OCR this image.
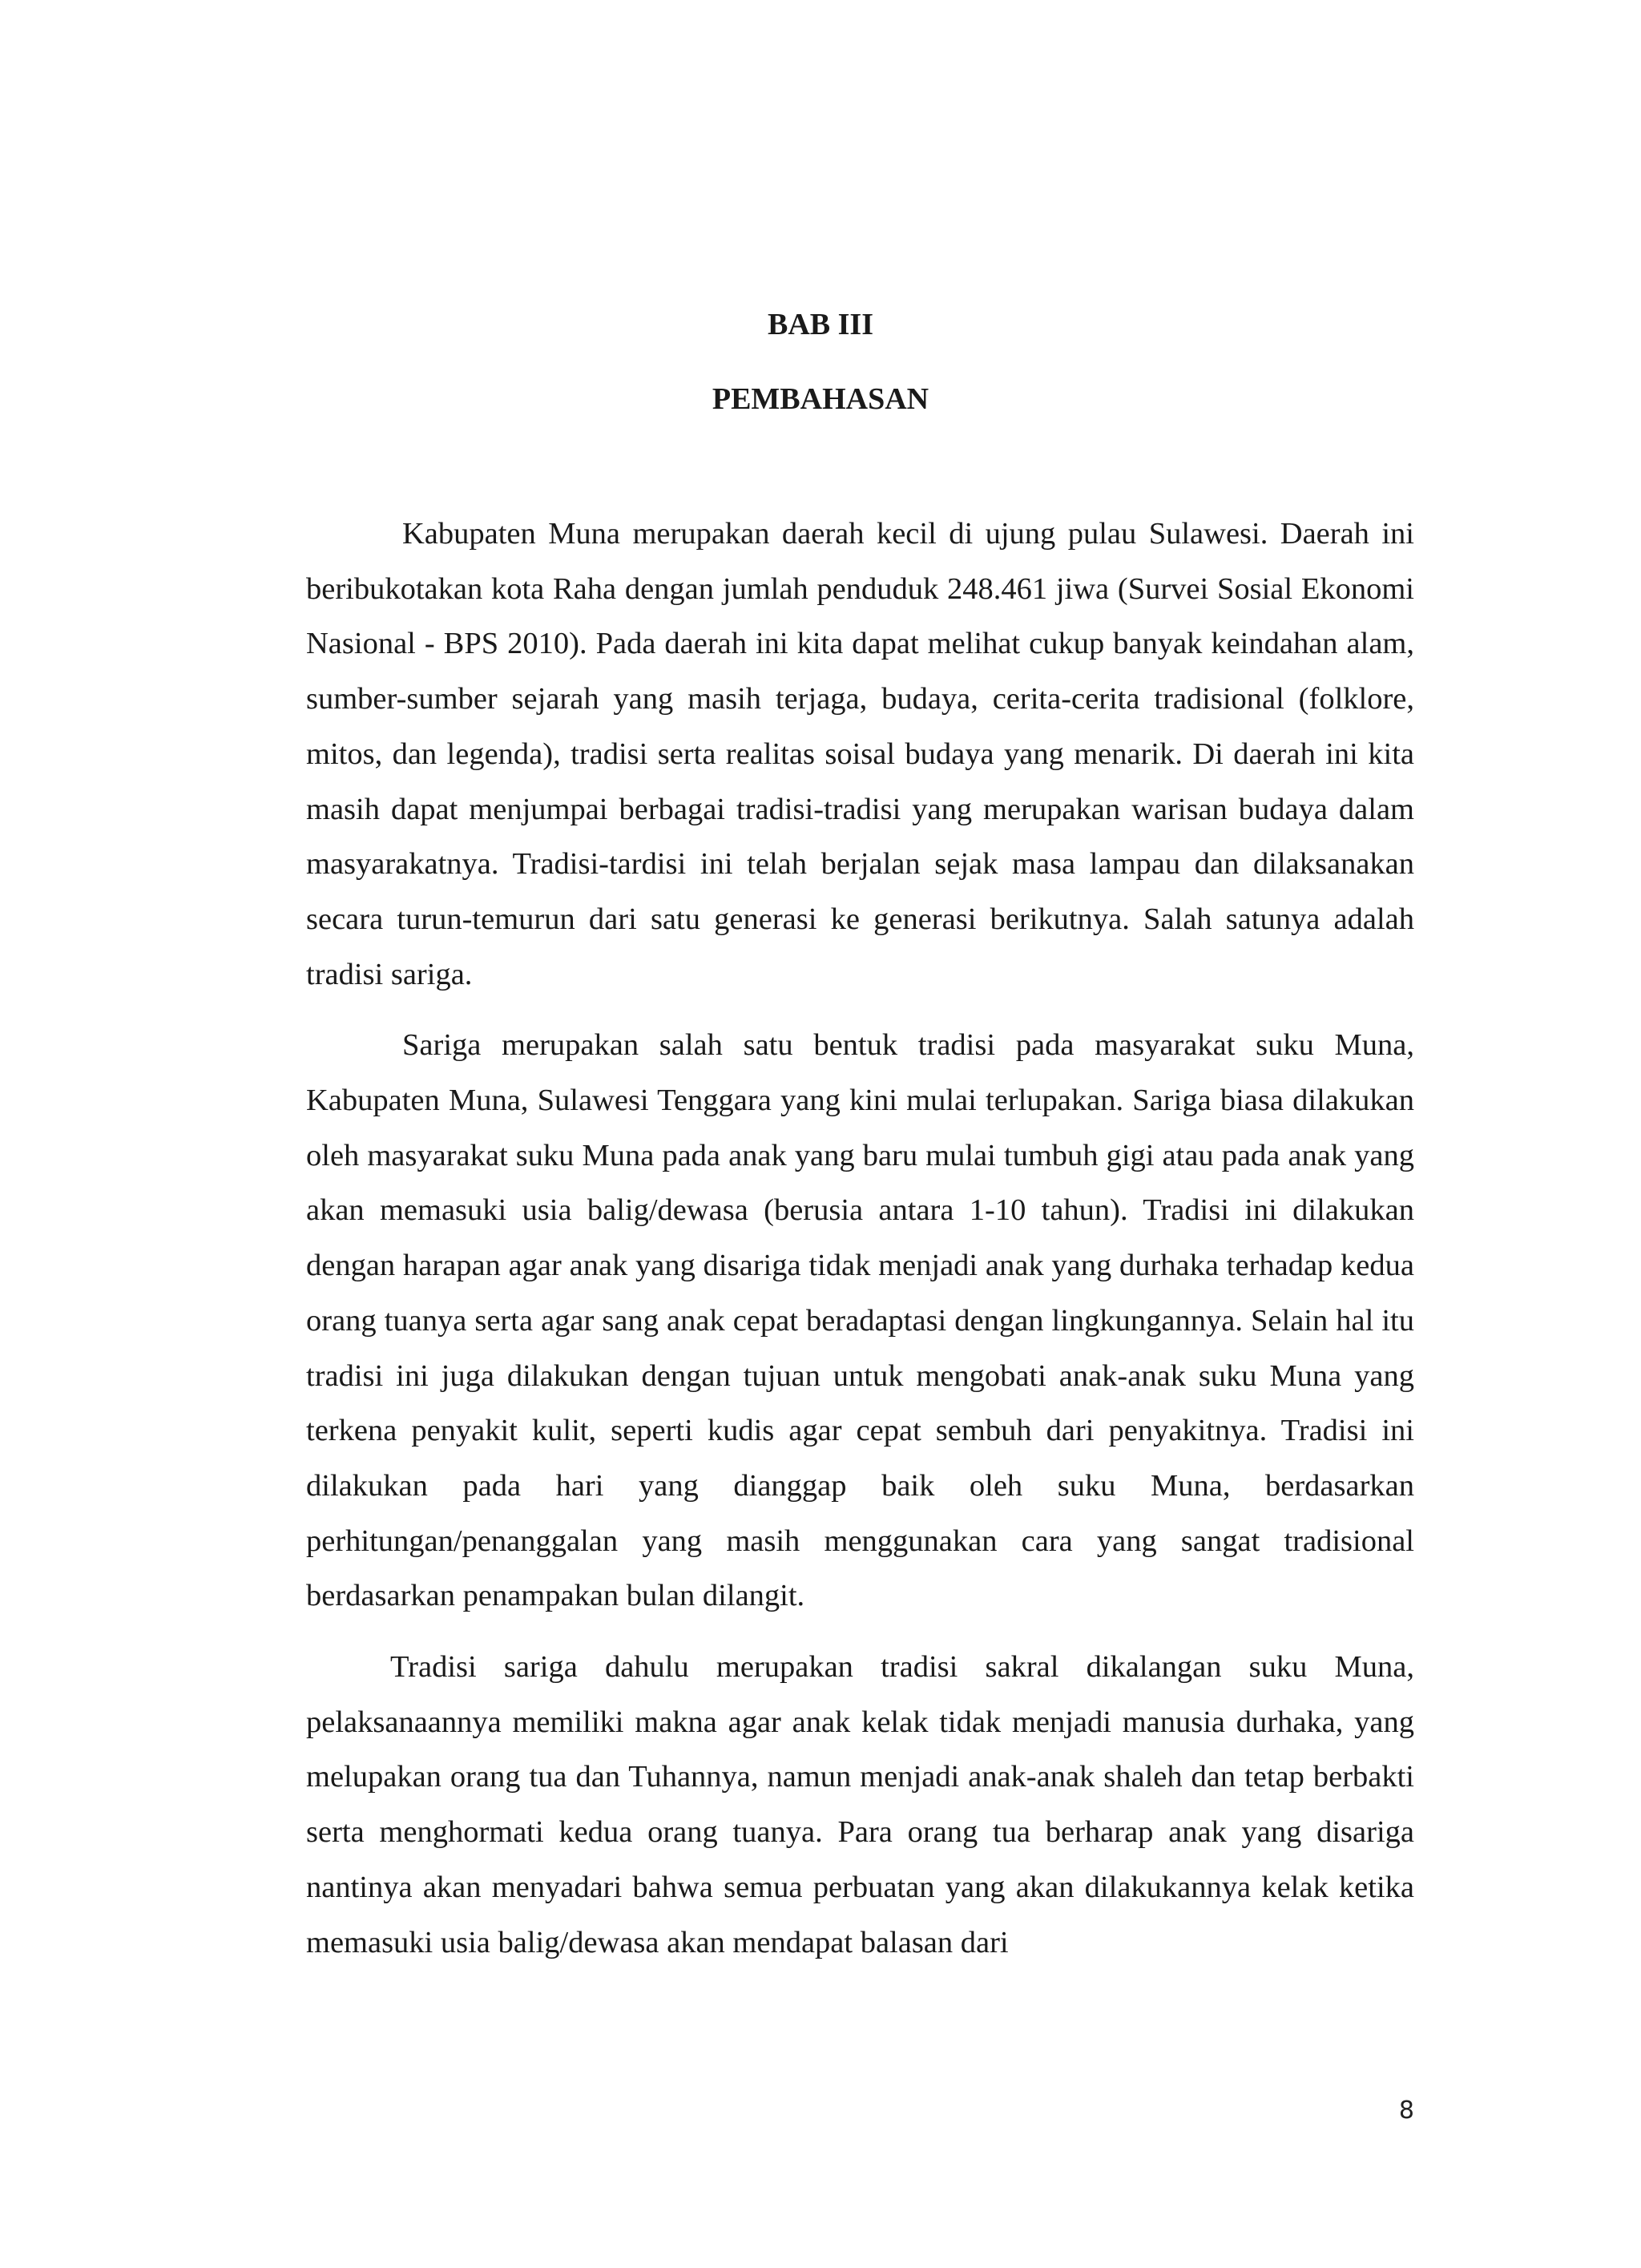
BAB III
PEMBAHASAN

Kabupaten Muna merupakan daerah kecil di ujung pulau Sulawesi. Daerah ini beribukotakan kota Raha dengan jumlah penduduk 248.461 jiwa (Survei Sosial Ekonomi Nasional - BPS 2010). Pada daerah ini kita dapat melihat cukup banyak keindahan alam, sumber-sumber sejarah yang masih terjaga, budaya, cerita-cerita tradisional (folklore, mitos, dan legenda), tradisi serta realitas soisal budaya yang menarik. Di daerah ini kita masih dapat menjumpai berbagai tradisi-tradisi yang merupakan warisan budaya dalam masyarakatnya. Tradisi-tardisi ini telah berjalan sejak masa lampau dan dilaksanakan secara turun-temurun dari satu generasi ke generasi berikutnya. Salah satunya adalah tradisi sariga.

Sariga merupakan salah satu bentuk tradisi pada masyarakat suku Muna, Kabupaten Muna, Sulawesi Tenggara yang kini mulai terlupakan. Sariga biasa dilakukan oleh masyarakat suku Muna pada anak yang baru mulai tumbuh gigi atau pada anak yang akan memasuki usia balig/dewasa (berusia antara 1-10 tahun). Tradisi ini dilakukan dengan harapan agar anak yang disariga tidak menjadi anak yang durhaka terhadap kedua orang tuanya serta agar sang anak cepat beradaptasi dengan lingkungannya. Selain hal itu tradisi ini juga dilakukan dengan tujuan untuk mengobati anak-anak suku Muna yang terkena penyakit kulit, seperti kudis agar cepat sembuh dari penyakitnya. Tradisi ini dilakukan pada hari yang dianggap baik oleh suku Muna, berdasarkan perhitungan/penanggalan yang masih menggunakan cara yang sangat tradisional berdasarkan penampakan bulan dilangit.

Tradisi sariga dahulu merupakan tradisi sakral dikalangan suku Muna, pelaksanaannya memiliki makna agar anak kelak tidak menjadi manusia durhaka, yang melupakan orang tua dan Tuhannya, namun menjadi anak-anak shaleh dan tetap berbakti serta menghormati kedua orang tuanya. Para orang tua berharap anak yang disariga nantinya akan menyadari bahwa semua perbuatan yang akan dilakukannya kelak ketika memasuki usia balig/dewasa akan mendapat balasan dari

8
